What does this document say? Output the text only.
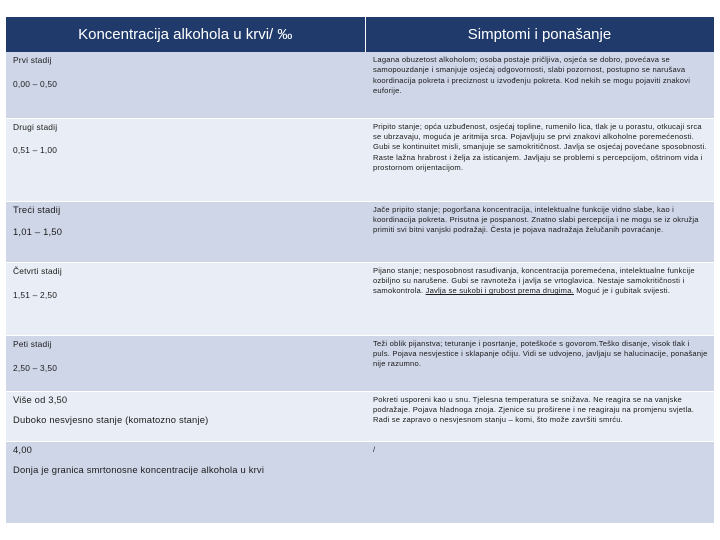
Koncentracija alkohola u krvi/ ‰	Simptomi i ponašanje

Prvi stadij
0,00 – 0,50	Lagana obuzetost alkoholom; osoba postaje pričljiva, osjeća se dobro, povećava se samopouzdanje i smanjuje osjećaj odgovornosti, slabi pozornost, postupno se narušava koordinacija pokreta i preciznost u izvođenju pokreta. Kod nekih se mogu pojaviti znakovi euforije.

Drugi stadij
0,51 – 1,00	Pripito stanje; opća uzbuđenost, osjećaj topline, rumenilo lica, tlak je u porastu, otkucaji srca se ubrzavaju, moguća je aritmija srca. Pojavljuju se prvi znakovi alkoholne poremećenosti. Gubi se kontinuitet misli, smanjuje se samokritičnost. Javlja se osjećaj povećane sposobnosti. Raste lažna hrabrost i želja za isticanjem. Javljaju se problemi s percepcijom, oštrinom vida i prostornom orijentacijom.

Treći stadij
1,01 – 1,50	Jače pripito stanje; pogoršana koncentracija, intelektualne funkcije vidno slabe, kao i koordinacija pokreta. Prisutna je pospanost. Znatno slabi percepcija i ne mogu se iz okružja primiti svi bitni vanjski podražaji. Česta je pojava nadražaja želučanih povraćanje.

Četvrti stadij
1,51 – 2,50	Pijano stanje; nesposobnost rasuđivanja, koncentracija poremećena, intelektualne funkcije ozbiljno su narušene. Gubi se ravnoteža i javlja se vrtoglavica. Nestaje samokritičnosti i samokontrola. Javlja se sukobi i grubost prema drugima. Moguć je i gubitak svijesti.

Peti stadij
2,50 – 3,50	Teži oblik pijanstva; teturanje i posrtanje, poteškoće s govorom.Teško disanje, visok tlak i puls. Pojava nesvjestice i sklapanje očiju. Vidi se udvojeno, javljaju se halucinacije, ponašanje nije razumno.

Više od 3,50
Duboko nesvjesno stanje (komatozno stanje)	Pokreti usporeni kao u snu. Tjelesna temperatura se snižava. Ne reagira se na vanjske podražaje. Pojava hladnoga znoja. Zjenice su proširene i ne reagiraju na promjenu svjetla. Radi se zapravo o nesvjesnom stanju – komi, što može završiti smrću.

4,00
Donja je granica smrtonosne koncentracije alkohola u krvi	/
